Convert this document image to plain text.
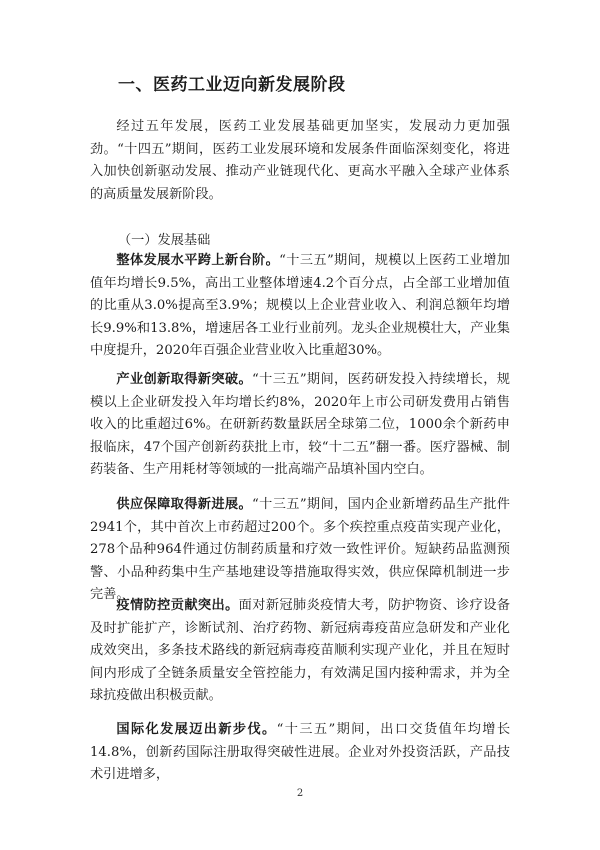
一、医药工业迈向新发展阶段
经过五年发展，医药工业发展基础更加坚实，发展动力更加强劲。“十四五”期间，医药工业发展环境和发展条件面临深刻变化，将进入加快创新驱动发展、推动产业链现代化、更高水平融入全球产业体系的高质量发展新阶段。
（一）发展基础
整体发展水平跨上新台阶。“十三五”期间，规模以上医药工业增加值年均增长9.5%，高出工业整体增速4.2个百分点，占全部工业增加值的比重从3.0%提高至3.9%；规模以上企业营业收入、利润总额年均增长9.9%和13.8%，增速居各工业行业前列。龙头企业规模壮大，产业集中度提升，2020年百强企业营业收入比重超30%。
产业创新取得新突破。“十三五”期间，医药研发投入持续增长，规模以上企业研发投入年均增长约8%，2020年上市公司研发费用占销售收入的比重超过6%。在研新药数量跃居全球第二位，1000余个新药申报临床，47个国产创新药获批上市，较“十二五”翻一番。医疗器械、制药装备、生产用耗材等领域的一批高端产品填补国内空白。
供应保障取得新进展。“十三五”期间，国内企业新增药品生产批件2941个，其中首次上市药超过200个。多个疾控重点疫苗实现产业化，278个品种964件通过仿制药质量和疗效一致性评价。短缺药品监测预警、小品种药集中生产基地建设等措施取得实效，供应保障机制进一步完善。
疫情防控贡献突出。面对新冠肺炎疫情大考，防护物资、诊疗设备及时扩能扩产，诊断试剂、治疗药物、新冠病毒疫苗应急研发和产业化成效突出，多条技术路线的新冠病毒疫苗顺利实现产业化，并且在短时间内形成了全链条质量安全管控能力，有效满足国内接种需求，并为全球抗疫做出积极贡献。
国际化发展迈出新步伐。“十三五”期间，出口交货值年均增长14.8%，创新药国际注册取得突破性进展。企业对外投资活跃，产品技术引进增多，
2
